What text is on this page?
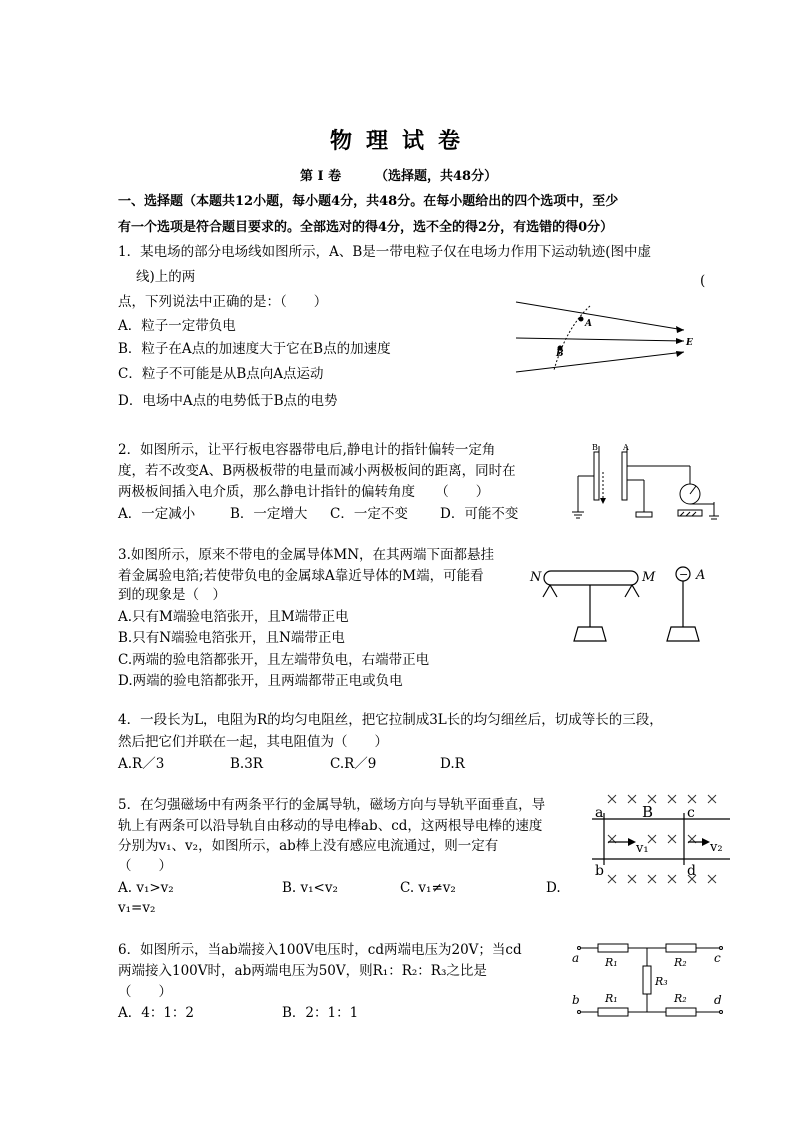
物理试卷
第 I 卷	（选择题，共48分）
一、选择题（本题共12小题，每小题4分，共48分。在每小题给出的四个选项中，至少
有一个选项是符合题目要求的。全部选对的得4分，选不全的得2分，有选错的得0分）
1．某电场的部分电场线如图所示，A、B是一带电粒子仅在电场力作用下运动轨迹(图中虚
线)上的两	(
点，下列说法中正确的是：（　　）
A．粒子一定带负电
B．粒子在A点的加速度大于它在B点的加速度
C．粒子不可能是从B点向A点运动
D．电场中A点的电势低于B点的电势
A
B
E
2．如图所示，让平行板电容器带电后,静电计的指针偏转一定角
度，若不改变A、B两极板带的电量而减小两极板间的距离，同时在
两极板间插入电介质，那么静电计指针的偏转角度　　（　　）
A．一定减小	B．一定增大 C．一定不变 D．可能不变
B	A
3.如图所示，原来不带电的金属导体MN，在其两端下面都悬挂
着金属验电箔;若使带负电的金属球A靠近导体的M端，可能看
到的现象是（　）
A.只有M端验电箔张开，且M端带正电
B.只有N端验电箔张开，且N端带正电
C.两端的验电箔都张开，且左端带负电，右端带正电
D.两端的验电箔都张开，且两端都带正电或负电
N	M	A
−
4．一段长为L，电阻为R的均匀电阻丝，把它拉制成3L长的均匀细丝后，切成等长的三段，
然后把它们并联在一起，其电阻值为（　　）
A.R／3	B.3R	C.R／9	D.R
5．在匀强磁场中有两条平行的金属导轨，磁场方向与导轨平面垂直，导
轨上有两条可以沿导轨自由移动的导电棒ab、cd，这两根导电棒的速度
分别为v₁、v₂，如图所示，ab棒上没有感应电流通过，则一定有
（　　）
A. v₁>v₂	B. v₁<v₂	C. v₁≠v₂	D.
v₁=v₂
a	B c
v₁	v₂
b	d
6．如图所示，当ab端接入100V电压时，cd两端电压为20V；当cd
两端接入100V时，ab两端电压为50V，则R₁：R₂：R₃之比是
（　　）
A．4：1：2	B．2：1：1
a R₁	R₂ c
R₃
b R₁	R₂ d
